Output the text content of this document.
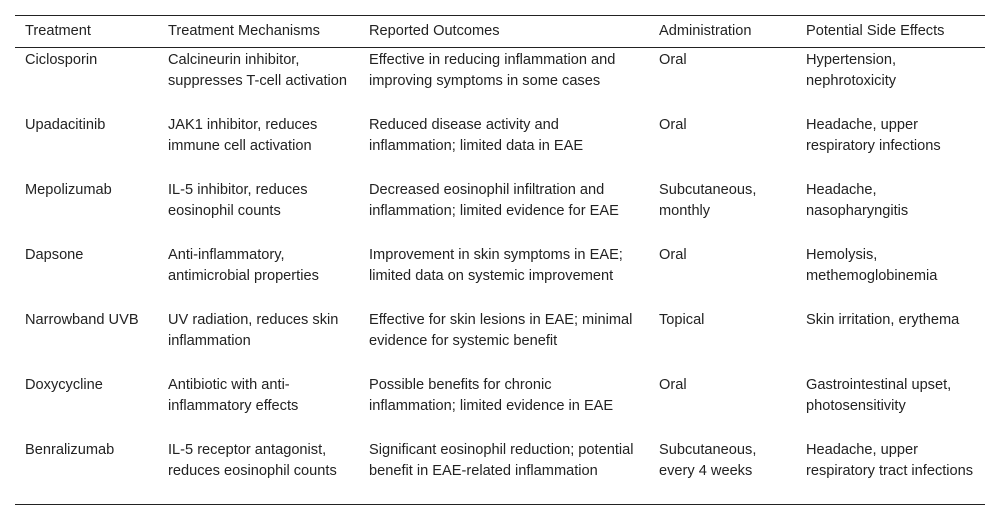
Treatment	Treatment Mechanisms	Reported Outcomes	Administration	Potential Side Effects
Ciclosporin	Calcineurin inhibitor, suppresses T-cell activation	Effective in reducing inflammation and improving symptoms in some cases	Oral	Hypertension, nephrotoxicity
Upadacitinib	JAK1 inhibitor, reduces immune cell activation	Reduced disease activity and inflammation; limited data in EAE	Oral	Headache, upper respiratory infections
Mepolizumab	IL-5 inhibitor, reduces eosinophil counts	Decreased eosinophil infiltration and inflammation; limited evidence for EAE	Subcutaneous, monthly	Headache, nasopharyngitis
Dapsone	Anti-inflammatory, antimicrobial properties	Improvement in skin symptoms in EAE; limited data on systemic improvement	Oral	Hemolysis, methemoglobinemia
Narrowband UVB	UV radiation, reduces skin inflammation	Effective for skin lesions in EAE; minimal evidence for systemic benefit	Topical	Skin irritation, erythema
Doxycycline	Antibiotic with anti-inflammatory effects	Possible benefits for chronic inflammation; limited evidence in EAE	Oral	Gastrointestinal upset, photosensitivity
Benralizumab	IL-5 receptor antagonist, reduces eosinophil counts	Significant eosinophil reduction; potential benefit in EAE-related inflammation	Subcutaneous, every 4 weeks	Headache, upper respiratory tract infections
